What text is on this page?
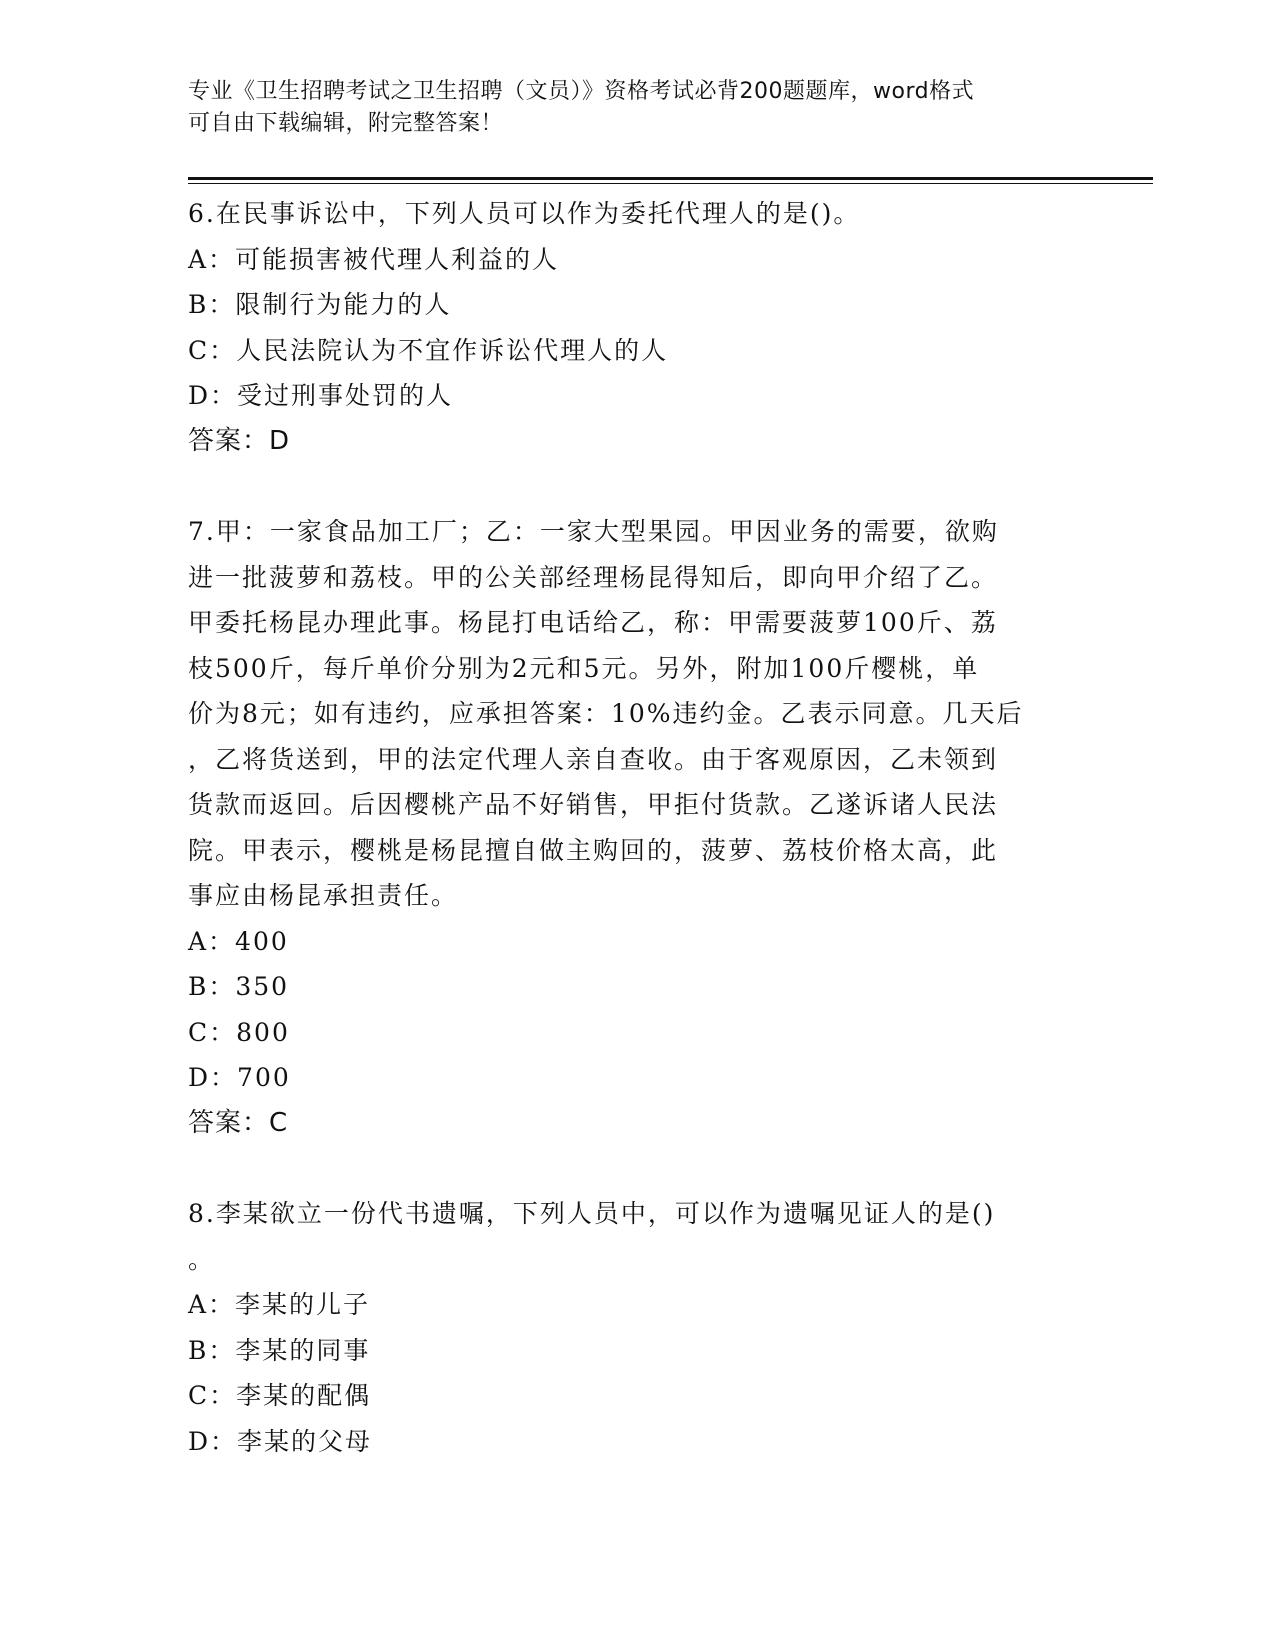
专业《卫生招聘考试之卫生招聘（文员）》资格考试必背200题题库，word格式
可自由下载编辑，附完整答案！
6.在民事诉讼中，下列人员可以作为委托代理人的是()。
A：可能损害被代理人利益的人
B：限制行为能力的人
C：人民法院认为不宜作诉讼代理人的人
D：受过刑事处罚的人
答案：D
7.甲：一家食品加工厂；乙：一家大型果园。甲因业务的需要，欲购
进一批菠萝和荔枝。甲的公关部经理杨昆得知后，即向甲介绍了乙。
甲委托杨昆办理此事。杨昆打电话给乙，称：甲需要菠萝100斤、荔
枝500斤，每斤单价分别为2元和5元。另外，附加100斤樱桃，单
价为8元；如有违约，应承担答案：10%违约金。乙表示同意。几天后
，乙将货送到，甲的法定代理人亲自查收。由于客观原因，乙未领到
货款而返回。后因樱桃产品不好销售，甲拒付货款。乙遂诉诸人民法
院。甲表示，樱桃是杨昆擅自做主购回的，菠萝、荔枝价格太高，此
事应由杨昆承担责任。
A：400
B：350
C：800
D：700
答案：C
8.李某欲立一份代书遗嘱，下列人员中，可以作为遗嘱见证人的是()
。
A：李某的儿子
B：李某的同事
C：李某的配偶
D：李某的父母
